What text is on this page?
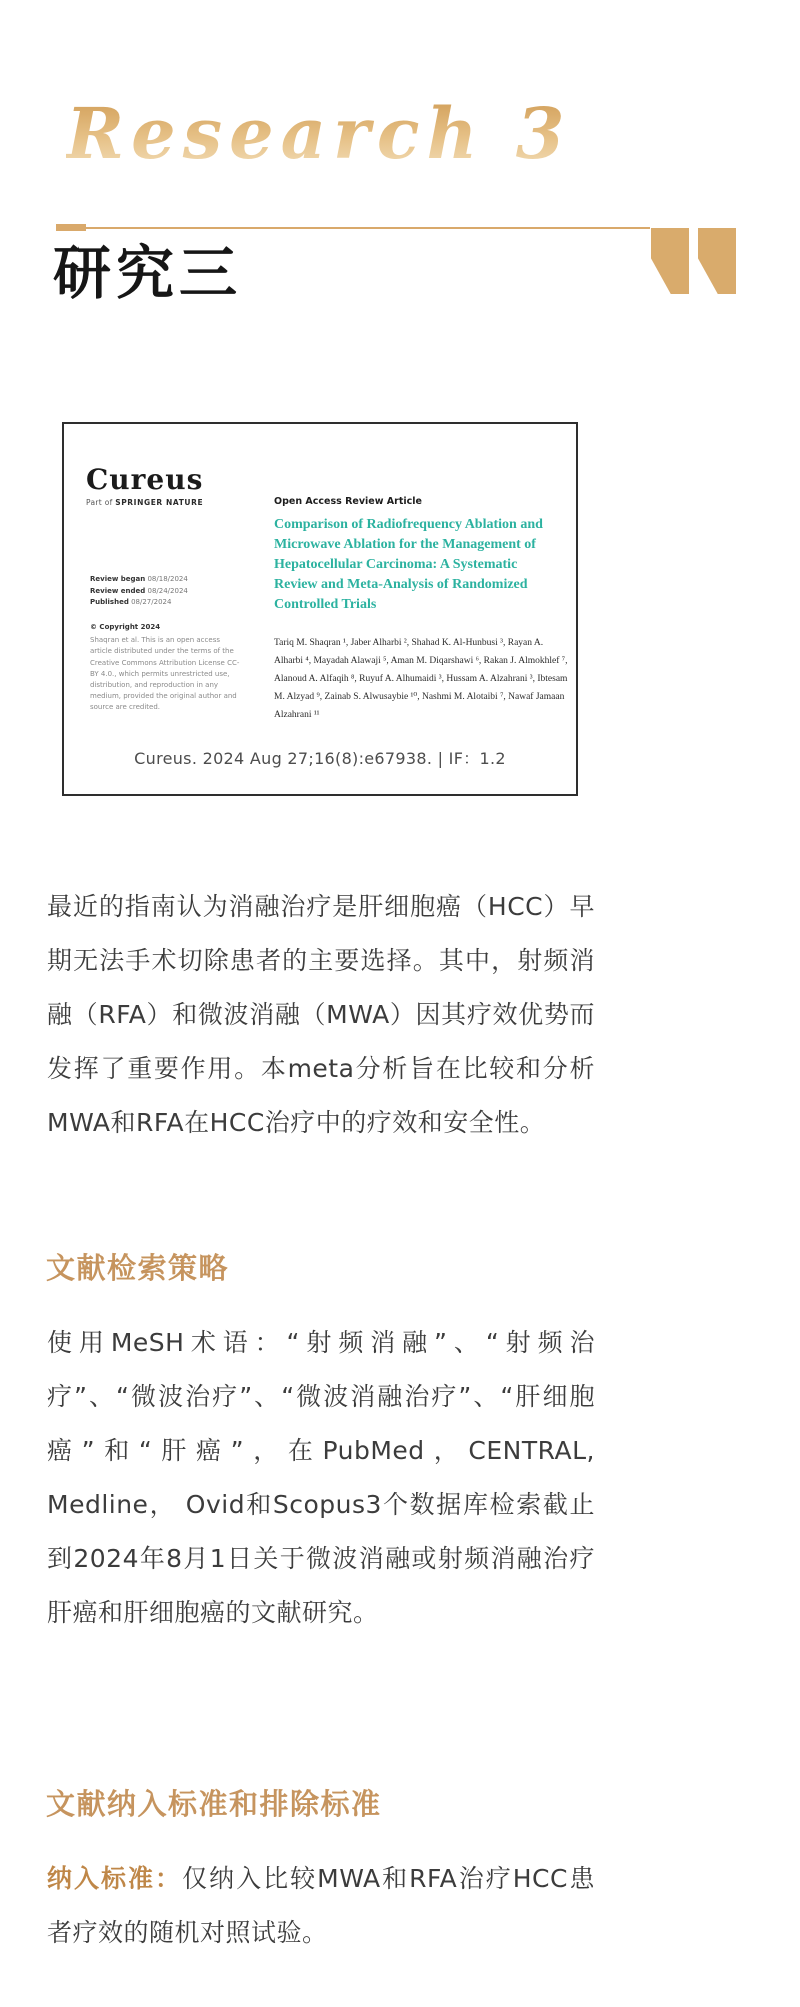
Research 3
研究三
Cureus
Part of SPRINGER NATURE	Open Access Review Article
Comparison of Radiofrequency Ablation and Microwave Ablation for the Management of Hepatocellular Carcinoma: A Systematic Review and Meta-Analysis of Randomized Controlled Trials
Review began 08/18/2024
Review ended 08/24/2024
Published 08/27/2024
© Copyright 2024
Shaqran et al. This is an open access article distributed under the terms of the Creative Commons Attribution License CC-BY 4.0., which permits unrestricted use, distribution, and reproduction in any medium, provided the original author and source are credited.
Tariq M. Shaqran ¹, Jaber Alharbi ², Shahad K. Al-Hunbusi ³, Rayan A. Alharbi ⁴, Mayadah Alawaji ⁵, Aman M. Diqarshawi ⁶, Rakan J. Almokhlef ⁷, Alanoud A. Alfaqih ⁸, Ruyuf A. Alhumaidi ³, Hussam A. Alzahrani ³, Ibtesam M. Alzyad ⁹, Zainab S. Alwusaybie ¹⁰, Nashmi M. Alotaibi ⁷, Nawaf Jamaan Alzahrani ¹¹
Cureus. 2024 Aug 27;16(8):e67938. | IF：1.2

最近的指南认为消融治疗是肝细胞癌（HCC）早期无法手术切除患者的主要选择。其中，射频消融（RFA）和微波消融（MWA）因其疗效优势而发挥了重要作用。本meta分析旨在比较和分析MWA和RFA在HCC治疗中的疗效和安全性。

文献检索策略

使用MeSH术语：“射频消融”、“射频治疗”、“微波治疗”、“微波消融治疗”、“肝细胞癌”和“肝癌”，在PubMed，CENTRAL, Medline， Ovid和Scopus3个数据库检索截止到2024年8月1日关于微波消融或射频消融治疗肝癌和肝细胞癌的文献研究。

文献纳入标准和排除标准

纳入标准：仅纳入比较MWA和RFA治疗HCC患者疗效的随机对照试验。
